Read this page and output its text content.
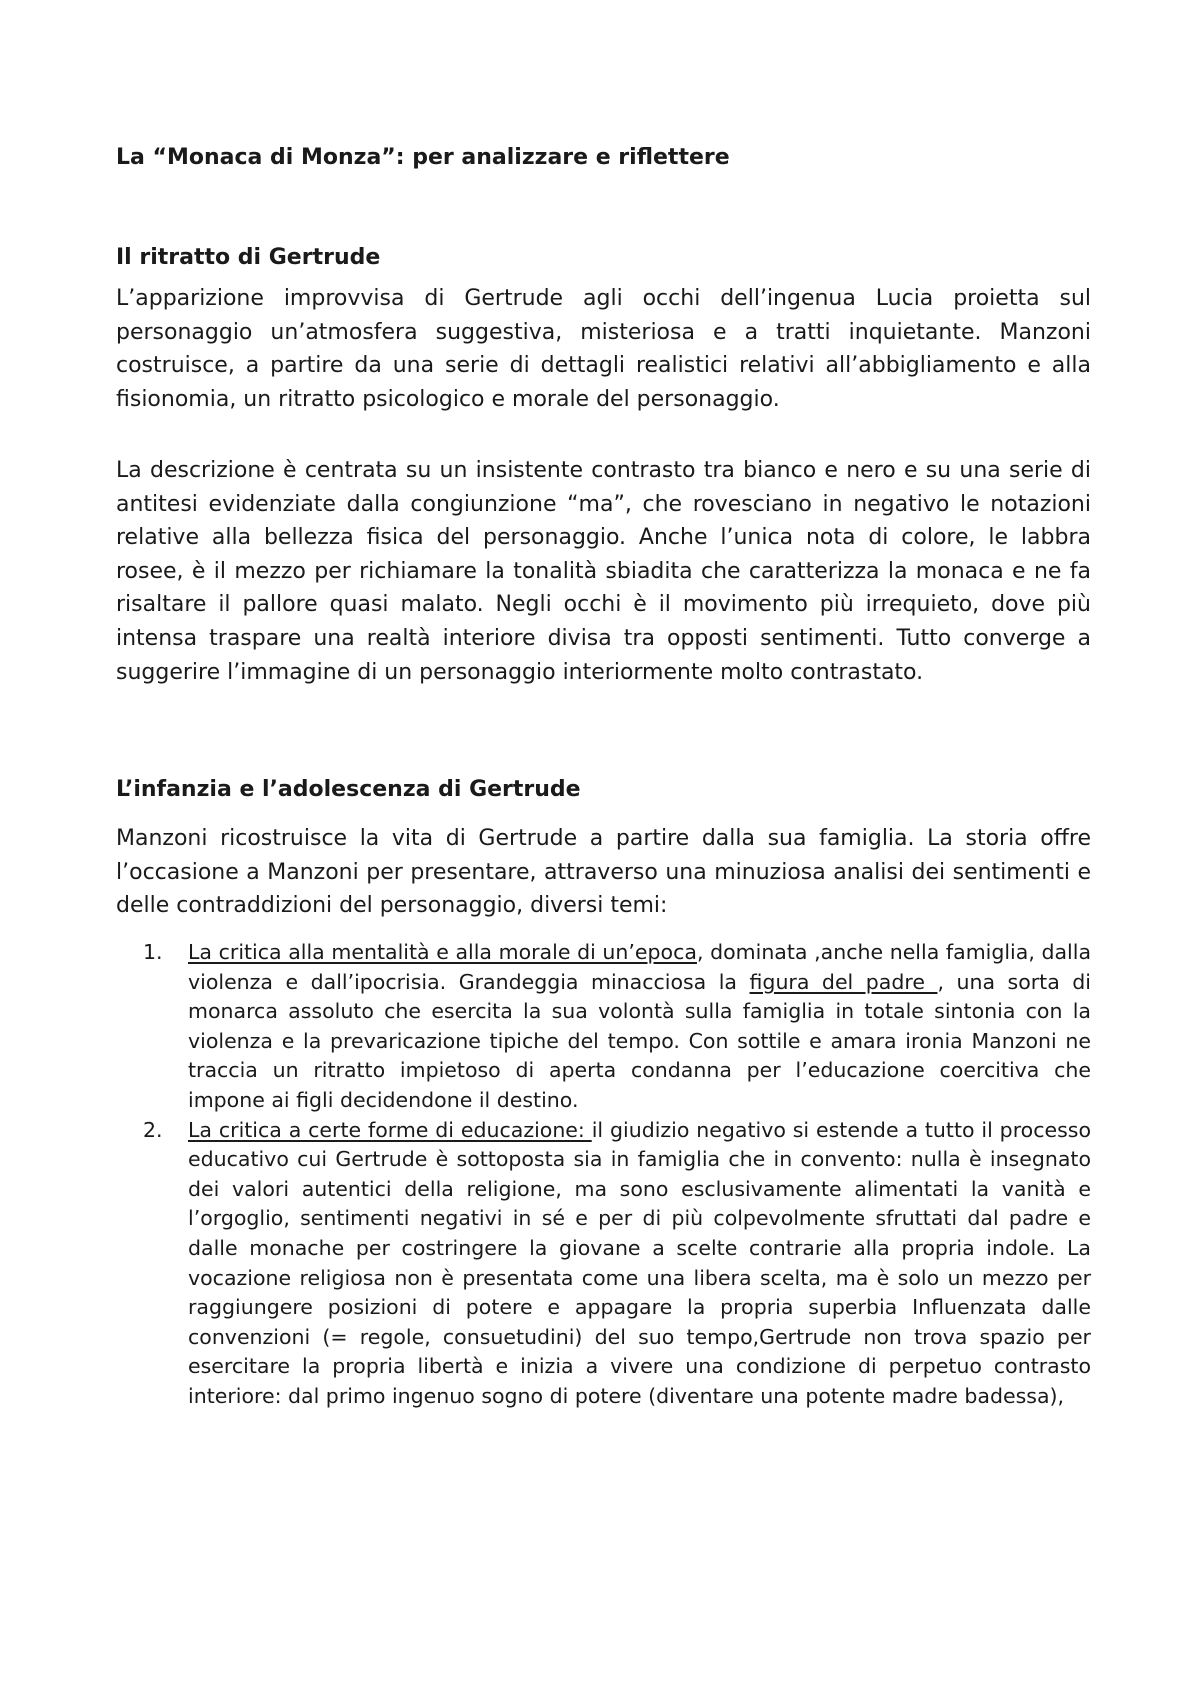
La “Monaca di Monza”: per analizzare e riflettere
Il ritratto di Gertrude

L’apparizione improvvisa di Gertrude agli occhi dell’ingenua Lucia proietta sul personaggio un’atmosfera suggestiva, misteriosa e a tratti inquietante. Manzoni costruisce, a partire da una serie di dettagli realistici relativi all’abbigliamento e alla fisionomia, un ritratto psicologico e morale del personaggio.

La descrizione è centrata su un insistente contrasto tra bianco e nero e su una serie di antitesi evidenziate dalla congiunzione “ma”, che rovesciano in negativo le notazioni relative alla bellezza fisica del personaggio. Anche l’unica nota di colore, le labbra rosee, è il mezzo per richiamare la tonalità sbiadita che caratterizza la monaca e ne fa risaltare il pallore quasi malato. Negli occhi è il movimento più irrequieto, dove più intensa traspare una realtà interiore divisa tra opposti sentimenti. Tutto converge a suggerire l’immagine di un personaggio interiormente molto contrastato.

L’infanzia e l’adolescenza di Gertrude

Manzoni ricostruisce la vita di Gertrude a partire dalla sua famiglia. La storia offre l’occasione a Manzoni per presentare, attraverso una minuziosa analisi dei sentimenti e delle contraddizioni del personaggio, diversi temi:

1. La critica alla mentalità e alla morale di un’epoca, dominata ,anche nella famiglia, dalla violenza e dall’ipocrisia. Grandeggia minacciosa la figura del padre , una sorta di monarca assoluto che esercita la sua volontà sulla famiglia in totale sintonia con la violenza e la prevaricazione tipiche del tempo. Con sottile e amara ironia Manzoni ne traccia un ritratto impietoso di aperta condanna per l’educazione coercitiva che impone ai figli decidendone il destino.
2. La critica a certe forme di educazione: il giudizio negativo si estende a tutto il processo educativo cui Gertrude è sottoposta sia in famiglia che in convento: nulla è insegnato dei valori autentici della religione, ma sono esclusivamente alimentati la vanità e l’orgoglio, sentimenti negativi in sé e per di più colpevolmente sfruttati dal padre e dalle monache per costringere la giovane a scelte contrarie alla propria indole. La vocazione religiosa non è presentata come una libera scelta, ma è solo un mezzo per raggiungere posizioni di potere e appagare la propria superbia Influenzata dalle convenzioni (= regole, consuetudini) del suo tempo,Gertrude non trova spazio per esercitare la propria libertà e inizia a vivere una condizione di perpetuo contrasto interiore: dal primo ingenuo sogno di potere (diventare una potente madre badessa),
